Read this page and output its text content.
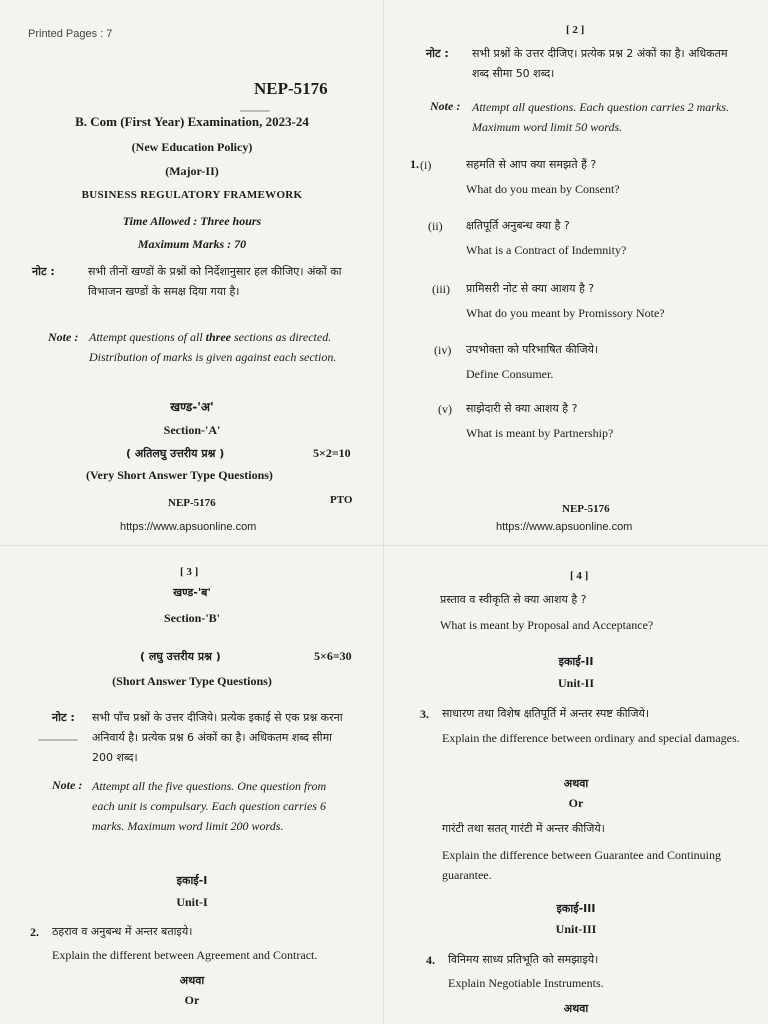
Printed Pages : 7

NEP-5176

B. Com (First Year) Examination, 2023-24

(New Education Policy)

(Major-II)

BUSINESS REGULATORY FRAMEWORK

Time Allowed : Three hours

Maximum Marks : 70

नोट :	सभी तीनों खण्डों के प्रश्नों को निर्देशानुसार हल कीजिए। अंकों का विभाजन खण्डों के समक्ष दिया गया है।

Note : Attempt questions of all three sections as directed. Distribution of marks is given against each section.

खण्ड-'अ'

Section-'A'

( अतिलघु उत्तरीय प्रश्न )	5×2=10

(Very Short Answer Type Questions)

NEP-5176	PTO

https://www.apsuonline.com

[ 2 ]

नोट : सभी प्रश्नों के उत्तर दीजिए। प्रत्येक प्रश्न 2 अंकों का है। अधिकतम शब्द सीमा 50 शब्द।

Note : Attempt all questions. Each question carries 2 marks. Maximum word limit 50 words.

1. (i)	सहमति से आप क्या समझते हैं ?

What do you mean by Consent?

(ii) क्षतिपूर्ति अनुबन्ध क्या है ?

What is a Contract of Indemnity?

(iii) प्रामिसरी नोट से क्या आशय है ?

What do you meant by Promissory Note?

(iv) उपभोक्ता को परिभाषित कीजिये।

Define Consumer.

(v) साझेदारी से क्या आशय है ?

What is meant by Partnership?

NEP-5176

https://www.apsuonline.com

[ 3 ]

खण्ड-'ब'

Section-'B'

( लघु उत्तरीय प्रश्न )	5×6=30

(Short Answer Type Questions)

नोट : सभी पाँच प्रश्नों के उत्तर दीजिये। प्रत्येक इकाई से एक प्रश्न करना अनिवार्य है। प्रत्येक प्रश्न 6 अंकों का है। अधिकतम शब्द सीमा 200 शब्द।

Note : Attempt all the five questions. One question from each unit is compulsary. Each question carries 6 marks. Maximum word limit 200 words.

इकाई-I

Unit-I

2. ठहराव व अनुबन्ध में अन्तर बताइये।

Explain the different between Agreement and Contract.

अथवा

Or

[ 4 ]

प्रस्ताव व स्वीकृति से क्या आशय है ?

What is meant by Proposal and Acceptance?

इकाई-II

Unit-II

3. साधारण तथा विशेष क्षतिपूर्ति में अन्तर स्पष्ट कीजिये।

Explain the difference between ordinary and special damages.

अथवा

Or

गारंटी तथा सतत् गारंटी में अन्तर कीजिये।

Explain the difference between Guarantee and Continuing guarantee.

इकाई-III

Unit-III

4. विनिमय साध्य प्रतिभूति को समझाइये।

Explain Negotiable Instruments.

अथवा
